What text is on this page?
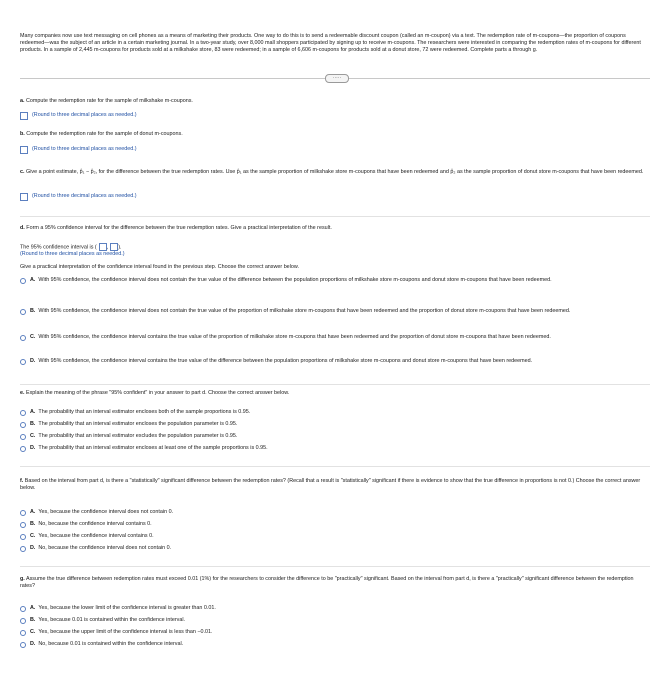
Many companies now use text messaging on cell phones as a means of marketing their products. One way to do this is to send a redeemable discount coupon (called an m-coupon) via a text. The redemption rate of m-coupons—the proportion of coupons redeemed—was the subject of an article in a certain marketing journal. In a two-year study, over 8,000 mall shoppers participated by signing up to receive m-coupons. The researchers were interested in comparing the redemption rates of m-coupons for different products. In a sample of 2,445 m-coupons for products sold at a milkshake store, 83 were redeemed; in a sample of 6,606 m-coupons for products sold at a donut store, 72 were redeemed. Complete parts a through g.
·····
a. Compute the redemption rate for the sample of milkshake m-coupons.
(Round to three decimal places as needed.)
b. Compute the redemption rate for the sample of donut m-coupons.
(Round to three decimal places as needed.)
c. Give a point estimate, p̂₁ − p̂₂, for the difference between the true redemption rates. Use p̂₁ as the sample proportion of milkshake store m-coupons that have been redeemed and p̂₂ as the sample proportion of donut store m-coupons that have been redeemed.
(Round to three decimal places as needed.)
d. Form a 95% confidence interval for the difference between the true redemption rates. Give a practical interpretation of the result.
The 95% confidence interval is ( , ).
(Round to three decimal places as needed.)
Give a practical interpretation of the confidence interval found in the previous step. Choose the correct answer below.
A. With 95% confidence, the confidence interval does not contain the true value of the difference between the population proportions of milkshake store m-coupons and donut store m-coupons that have been redeemed.
B. With 95% confidence, the confidence interval does not contain the true value of the proportion of milkshake store m-coupons that have been redeemed and the proportion of donut store m-coupons that have been redeemed.
C. With 95% confidence, the confidence interval contains the true value of the proportion of milkshake store m-coupons that have been redeemed and the proportion of donut store m-coupons that have been redeemed.
D. With 95% confidence, the confidence interval contains the true value of the difference between the population proportions of milkshake store m-coupons and donut store m-coupons that have been redeemed.
e. Explain the meaning of the phrase "95% confident" in your answer to part d. Choose the correct answer below.
A. The probability that an interval estimator encloses both of the sample proportions is 0.95.
B. The probability that an interval estimator encloses the population parameter is 0.95.
C. The probability that an interval estimator excludes the population parameter is 0.95.
D. The probability that an interval estimator encloses at least one of the sample proportions is 0.95.
f. Based on the interval from part d, is there a "statistically" significant difference between the redemption rates? (Recall that a result is "statistically" significant if there is evidence to show that the true difference in proportions is not 0.) Choose the correct answer below.
A. Yes, because the confidence interval does not contain 0.
B. No, because the confidence interval contains 0.
C. Yes, because the confidence interval contains 0.
D. No, because the confidence interval does not contain 0.
g. Assume the true difference between redemption rates must exceed 0.01 (1%) for the researchers to consider the difference to be "practically" significant. Based on the interval from part d, is there a "practically" significant difference between the redemption rates?
A. Yes, because the lower limit of the confidence interval is greater than 0.01.
B. Yes, because 0.01 is contained within the confidence interval.
C. Yes, because the upper limit of the confidence interval is less than −0.01.
D. No, because 0.01 is contained within the confidence interval.
